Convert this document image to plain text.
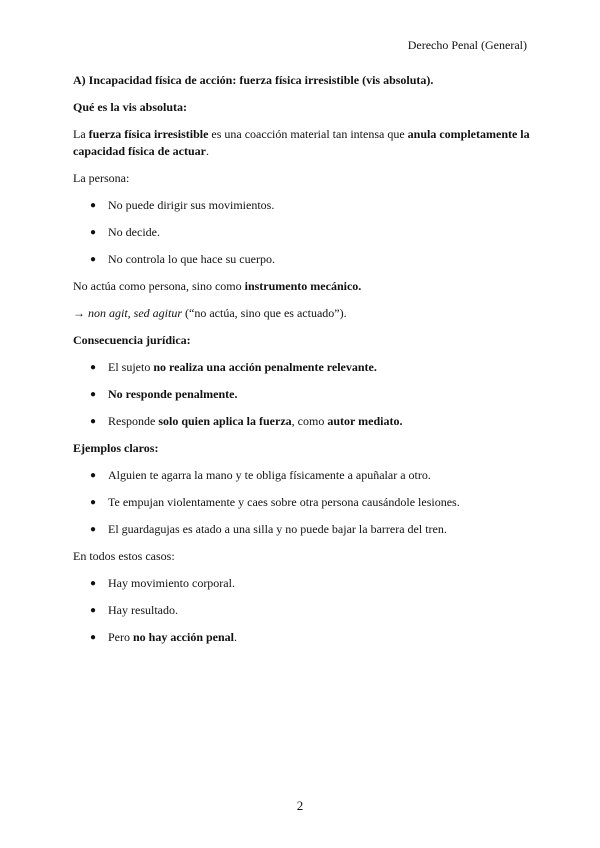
Derecho Penal (General)

A) Incapacidad física de acción: fuerza física irresistible (vis absoluta).

Qué es la vis absoluta:

La fuerza física irresistible es una coacción material tan intensa que anula completamente la capacidad física de actuar.

La persona:

● No puede dirigir sus movimientos.
● No decide.
● No controla lo que hace su cuerpo.

No actúa como persona, sino como instrumento mecánico.

→ non agit, sed agitur (“no actúa, sino que es actuado”).

Consecuencia jurídica:

● El sujeto no realiza una acción penalmente relevante.
● No responde penalmente.
● Responde solo quien aplica la fuerza, como autor mediato.

Ejemplos claros:

● Alguien te agarra la mano y te obliga físicamente a apuñalar a otro.
● Te empujan violentamente y caes sobre otra persona causándole lesiones.
● El guardagujas es atado a una silla y no puede bajar la barrera del tren.

En todos estos casos:

● Hay movimiento corporal.
● Hay resultado.
● Pero no hay acción penal.
2
